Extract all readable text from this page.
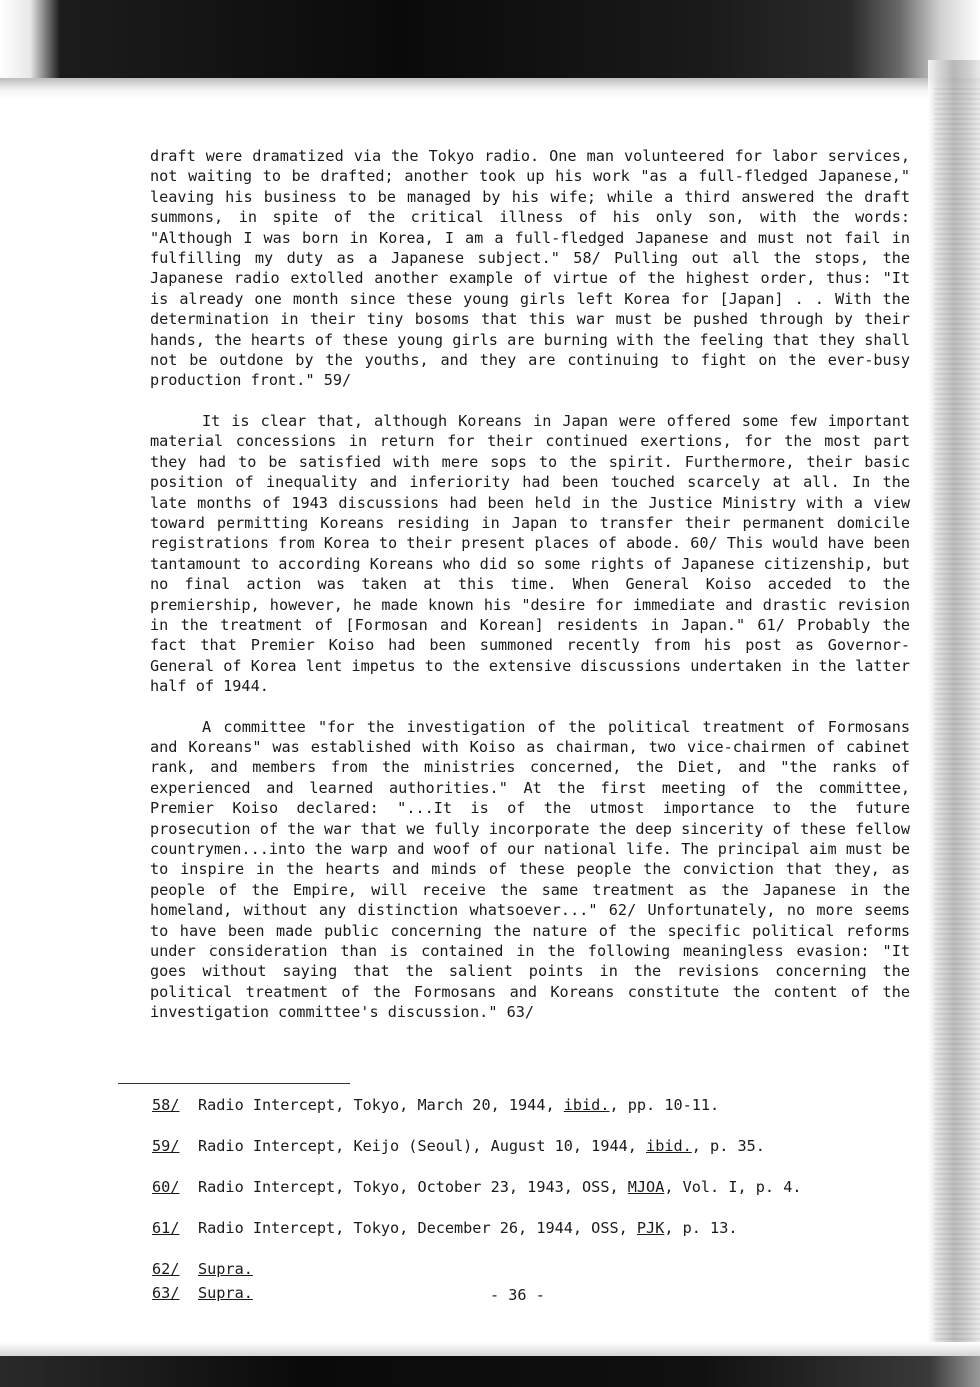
draft were dramatized via the Tokyo radio. One man volunteered for labor services, not waiting to be drafted; another took up his work "as a full-fledged Japanese," leaving his business to be managed by his wife; while a third answered the draft summons, in spite of the critical illness of his only son, with the words: "Although I was born in Korea, I am a full-fledged Japanese and must not fail in fulfilling my duty as a Japanese subject." 58/ Pulling out all the stops, the Japanese radio extolled another example of virtue of the highest order, thus: "It is already one month since these young girls left Korea for [Japan] . . With the determination in their tiny bosoms that this war must be pushed through by their hands, the hearts of these young girls are burning with the feeling that they shall not be outdone by the youths, and they are continuing to fight on the ever-busy production front." 59/

It is clear that, although Koreans in Japan were offered some few important material concessions in return for their continued exertions, for the most part they had to be satisfied with mere sops to the spirit. Furthermore, their basic position of inequality and inferiority had been touched scarcely at all. In the late months of 1943 discussions had been held in the Justice Ministry with a view toward permitting Koreans residing in Japan to transfer their permanent domicile registrations from Korea to their present places of abode. 60/ This would have been tantamount to according Koreans who did so some rights of Japanese citizenship, but no final action was taken at this time. When General Koiso acceded to the premiership, however, he made known his "desire for immediate and drastic revision in the treatment of [Formosan and Korean] residents in Japan." 61/ Probably the fact that Premier Koiso had been summoned recently from his post as Governor-General of Korea lent impetus to the extensive discussions undertaken in the latter half of 1944.

A committee "for the investigation of the political treatment of Formosans and Koreans" was established with Koiso as chairman, two vice-chairmen of cabinet rank, and members from the ministries concerned, the Diet, and "the ranks of experienced and learned authorities." At the first meeting of the committee, Premier Koiso declared: "...It is of the utmost importance to the future prosecution of the war that we fully incorporate the deep sincerity of these fellow countrymen...into the warp and woof of our national life. The principal aim must be to inspire in the hearts and minds of these people the conviction that they, as people of the Empire, will receive the same treatment as the Japanese in the homeland, without any distinction whatsoever..." 62/ Unfortunately, no more seems to have been made public concerning the nature of the specific political reforms under consideration than is contained in the following meaningless evasion: "It goes without saying that the salient points in the revisions concerning the political treatment of the Formosans and Koreans constitute the content of the investigation committee's discussion." 63/

58/ Radio Intercept, Tokyo, March 20, 1944, ibid., pp. 10-11.
59/ Radio Intercept, Keijo (Seoul), August 10, 1944, ibid., p. 35.
60/ Radio Intercept, Tokyo, October 23, 1943, OSS, MJOA, Vol. I, p. 4.
61/ Radio Intercept, Tokyo, December 26, 1944, OSS, PJK, p. 13.
62/ Supra.
63/ Supra.	- 36 -
